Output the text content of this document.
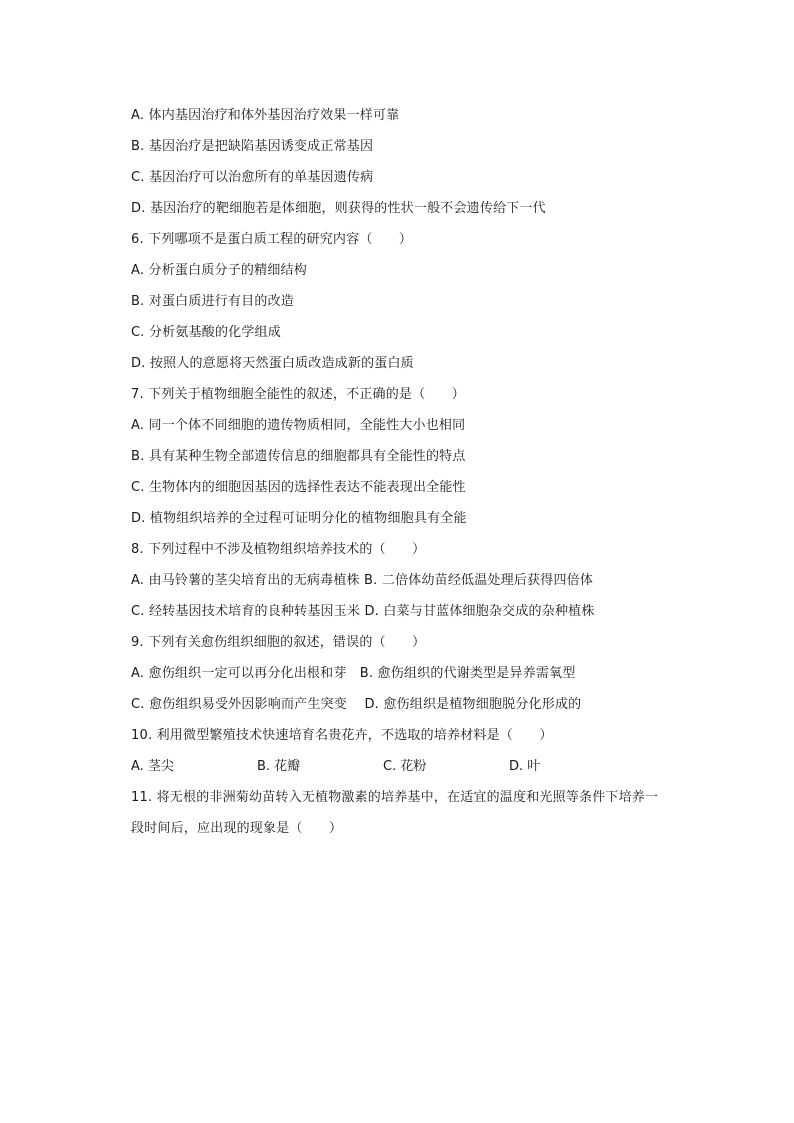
A. 体内基因治疗和体外基因治疗效果一样可靠
B. 基因治疗是把缺陷基因诱变成正常基因
C. 基因治疗可以治愈所有的单基因遗传病
D. 基因治疗的靶细胞若是体细胞，则获得的性状一般不会遗传给下一代
6. 下列哪项不是蛋白质工程的研究内容（　　）
A. 分析蛋白质分子的精细结构
B. 对蛋白质进行有目的改造
C. 分析氨基酸的化学组成
D. 按照人的意愿将天然蛋白质改造成新的蛋白质
7. 下列关于植物细胞全能性的叙述，不正确的是（　　）
A. 同一个体不同细胞的遗传物质相同，全能性大小也相同
B. 具有某种生物全部遗传信息的细胞都具有全能性的特点
C. 生物体内的细胞因基因的选择性表达不能表现出全能性
D. 植物组织培养的全过程可证明分化的植物细胞具有全能
8. 下列过程中不涉及植物组织培养技术的（　　）
A. 由马铃薯的茎尖培育出的无病毒植株 B. 二倍体幼苗经低温处理后获得四倍体
C. 经转基因技术培育的良种转基因玉米 D. 白菜与甘蓝体细胞杂交成的杂种植株
9. 下列有关愈伤组织细胞的叙述，错误的（　　）
A. 愈伤组织一定可以再分化出根和芽　B. 愈伤组织的代谢类型是异养需氧型
C. 愈伤组织易受外因影响而产生突变　 D. 愈伤组织是植物细胞脱分化形成的
10. 利用微型繁殖技术快速培育名贵花卉，不选取的培养材料是（　　）
A. 茎尖	B. 花瓣	C. 花粉	D. 叶
11. 将无根的非洲菊幼苗转入无植物激素的培养基中，在适宜的温度和光照等条件下培养一
段时间后，应出现的现象是（　　）
